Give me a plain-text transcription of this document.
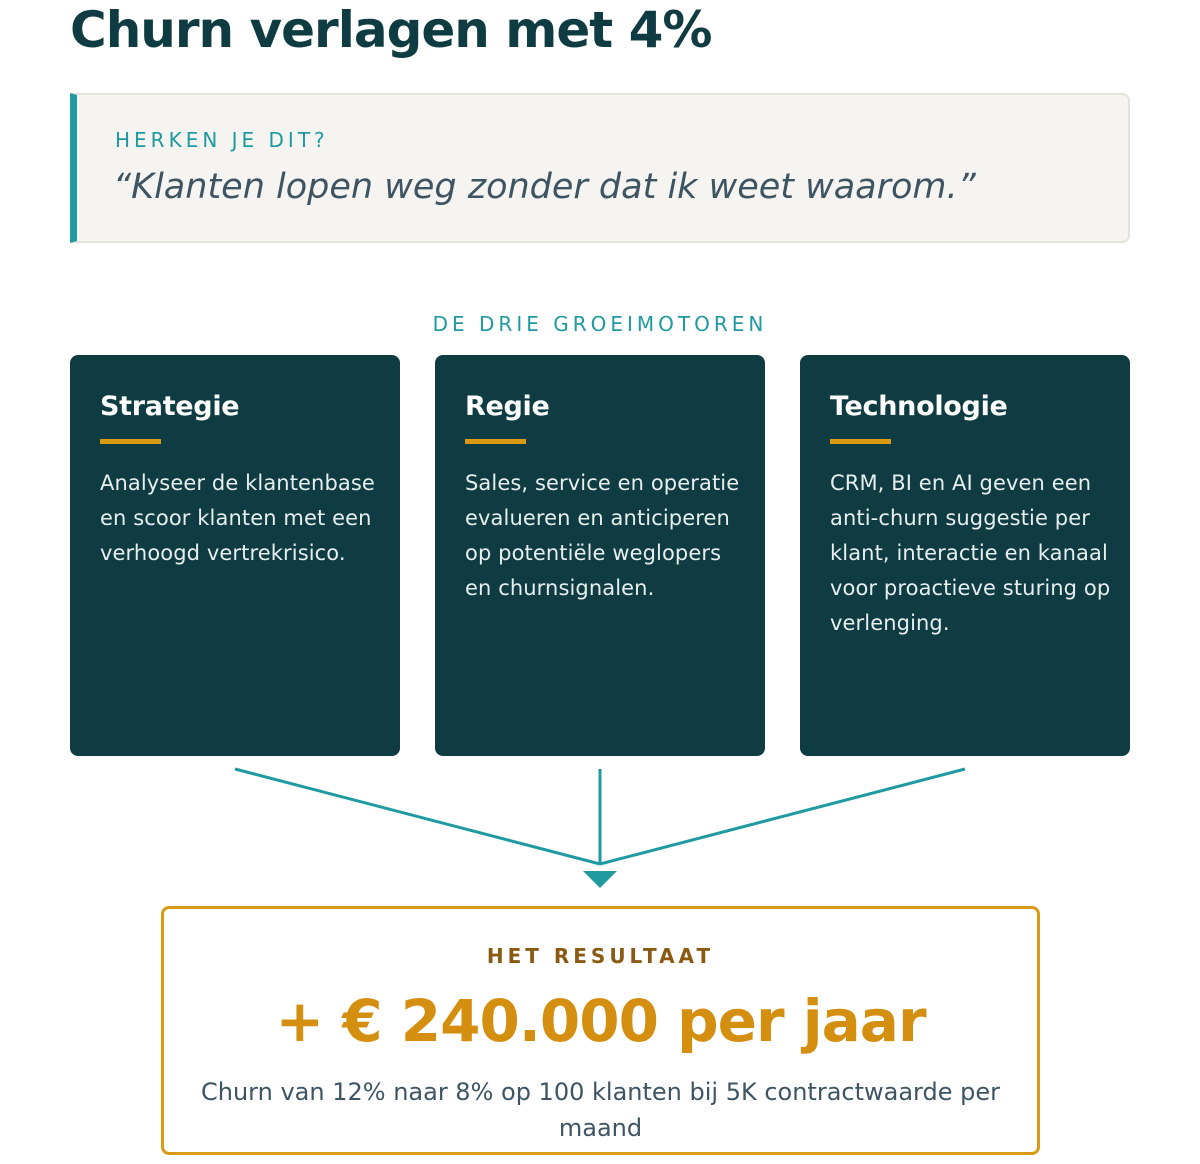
Churn verlagen met 4%
HERKEN JE DIT?
“Klanten lopen weg zonder dat ik weet waarom.”
DE DRIE GROEIMOTOREN
Strategie
Analyseer de klantenbase en scoor klanten met een verhoogd vertrekrisico.
Regie
Sales, service en operatie evalueren en anticiperen op potentiële weglopers en churnsignalen.
Technologie
CRM, BI en AI geven een anti-churn suggestie per klant, interactie en kanaal voor proactieve sturing op verlenging.
HET RESULTAAT
+ € 240.000 per jaar
Churn van 12% naar 8% op 100 klanten bij 5K contractwaarde per maand
